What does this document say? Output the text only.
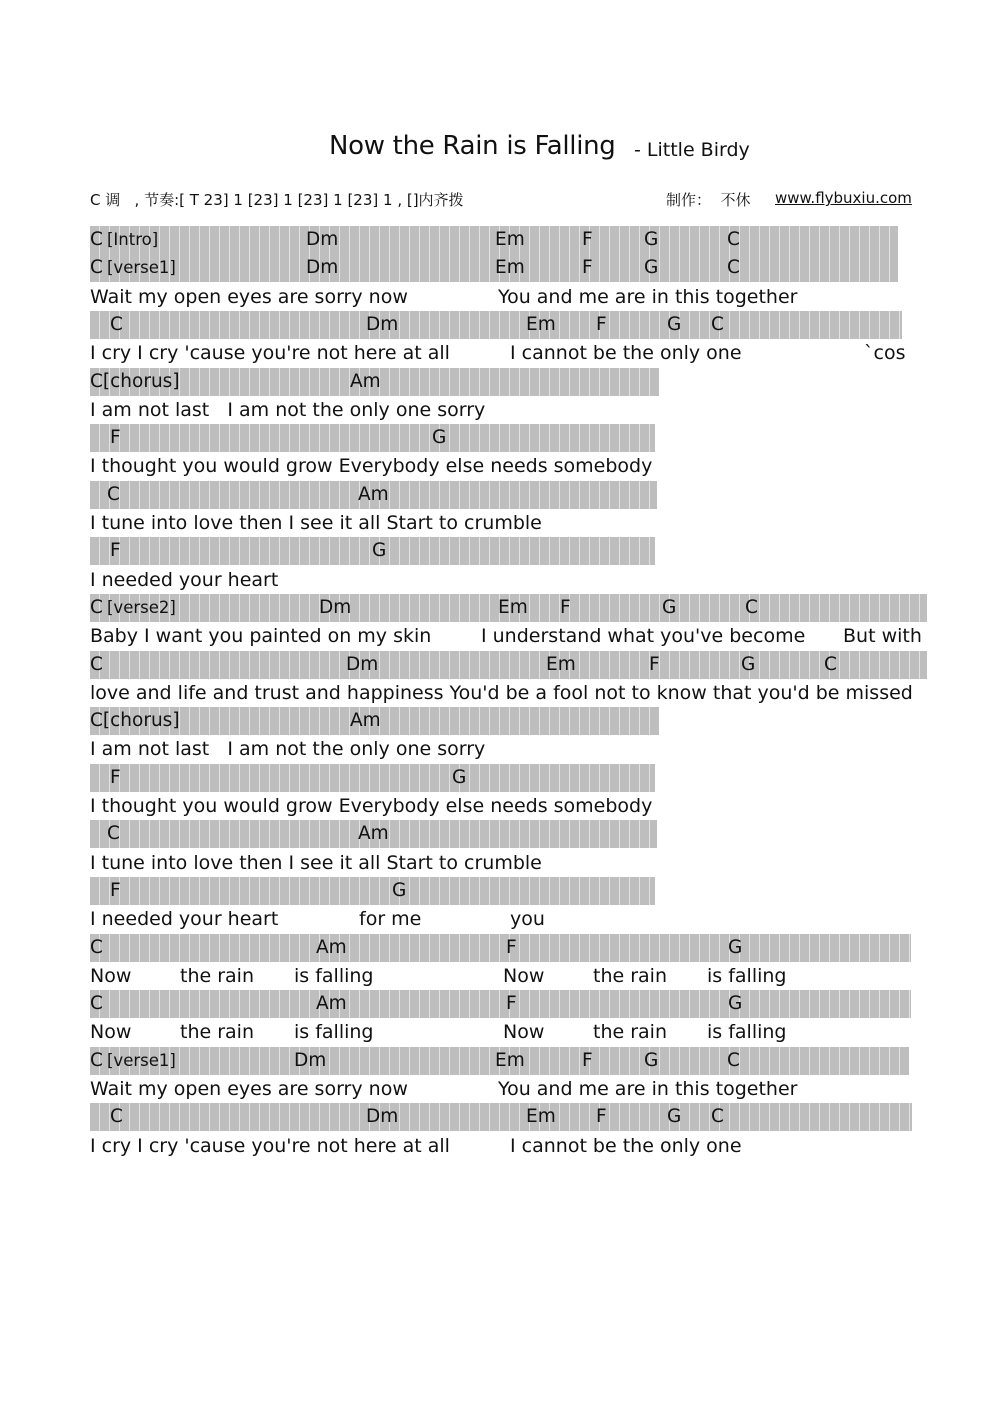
Now the Rain is Falling - Little Birdy
C 调   , 节奏:[ T 23] 1 [23] 1 [23] 1 [23] 1 , []内齐拨	制作：  不休 www.flybuxiu.com
C [Intro]	Dm	Em	F	G	C
C [verse1]	Dm	Em	F	G	C
Wait my open eyes are sorry now	You and me are in this together
C	Dm	Em F	G C
I cry I cry 'cause you're not here at all	I cannot be the only one	`cos
C[chorus]	Am
I am not last   I am not the only one sorry
F	G
I thought you would grow Everybody else needs somebody
C	Am
I tune into love then I see it all Start to crumble
F	G
I needed your heart
C [verse2]	Dm	Em F	G	C
Baby I want you painted on my skin	I understand what you've become But with
C	Dm	Em	F	G	C
love and life and trust and happiness You'd be a fool not to know that you'd be missed
C[chorus]	Am
I am not last   I am not the only one sorry
F	G
I thought you would grow Everybody else needs somebody
C	Am
I tune into love then I see it all Start to crumble
F	G
I needed your heart	for me	you
C	Am	F	G
Now	the rain is falling	Now	the rain is falling
C	Am	F	G
Now	the rain is falling	Now	the rain is falling
C [verse1]	Dm	Em	F	G	C
Wait my open eyes are sorry now	You and me are in this together
C	Dm	Em F	G C
I cry I cry 'cause you're not here at all	I cannot be the only one
